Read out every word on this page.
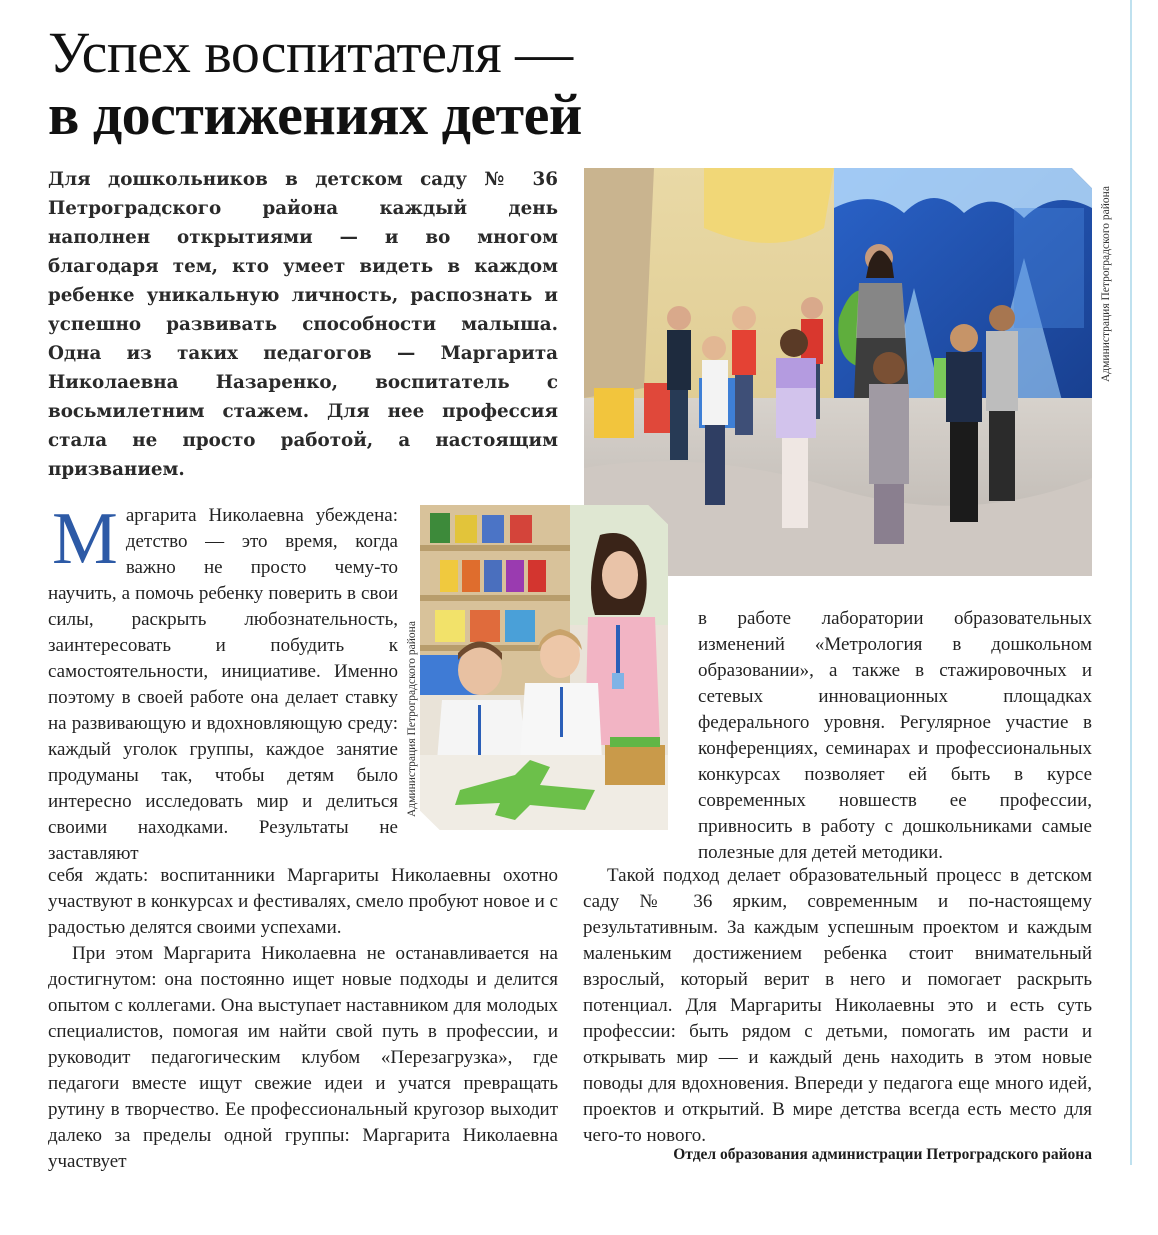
Успех воспитателя —
в достижениях детей

Для дошкольников в детском саду № 36 Петроградского района каждый день наполнен открытиями — и во многом благодаря тем, кто умеет видеть в каждом ребенке уникальную личность, распознать и успешно развивать способности малыша. Одна из таких педагогов — Маргарита Николаевна Назаренко, воспитатель с восьмилетним стажем. Для нее профессия стала не просто работой, а настоящим призванием.

Администрация Петроградского района
Администрация Петроградского района
М аргарита Николаевна убеждена: детство — это время, когда важно не просто чему-то научить, а помочь ребенку поверить в свои силы, раскрыть любознательность, заинтересовать и побудить к самостоятельности, инициативе. Именно поэтому в своей работе она делает ставку на развивающую и вдохновляющую среду: каждый уголок группы, каждое занятие продуманы так, чтобы детям было интересно исследовать мир и делиться своими находками. Результаты не заставляют

себя ждать: воспитанники Маргариты Николаевны охотно участвуют в конкурсах и фестивалях, смело пробуют новое и с радостью делятся своими успехами.

При этом Маргарита Николаевна не останавливается на достигнутом: она постоянно ищет новые подходы и делится опытом с коллегами. Она выступает наставником для молодых специалистов, помогая им найти свой путь в профессии, и руководит педагогическим клубом «Перезагрузка», где педагоги вместе ищут свежие идеи и учатся превращать рутину в творчество. Ее профессиональный кругозор выходит далеко за пределы одной группы: Маргарита Николаевна участвует

в работе лаборатории образовательных изменений «Метрология в дошкольном образовании», а также в стажировочных и сетевых инновационных площадках федерального уровня. Регулярное участие в конференциях, семинарах и профессиональных конкурсах позволяет ей быть в курсе современных новшеств ее профессии, привносить в работу с дошкольниками самые полезные для детей методики.

Такой подход делает образовательный процесс в детском саду № 36 ярким, современным и по-настоящему результативным. За каждым успешным проектом и каждым маленьким достижением ребенка стоит внимательный взрослый, который верит в него и помогает раскрыть потенциал. Для Маргариты Николаевны это и есть суть профессии: быть рядом с детьми, помогать им расти и открывать мир — и каждый день находить в этом новые поводы для вдохновения. Впереди у педагога еще много идей, проектов и открытий. В мире детства всегда есть место для чего-то нового.

Отдел образования администрации Петроградского района
